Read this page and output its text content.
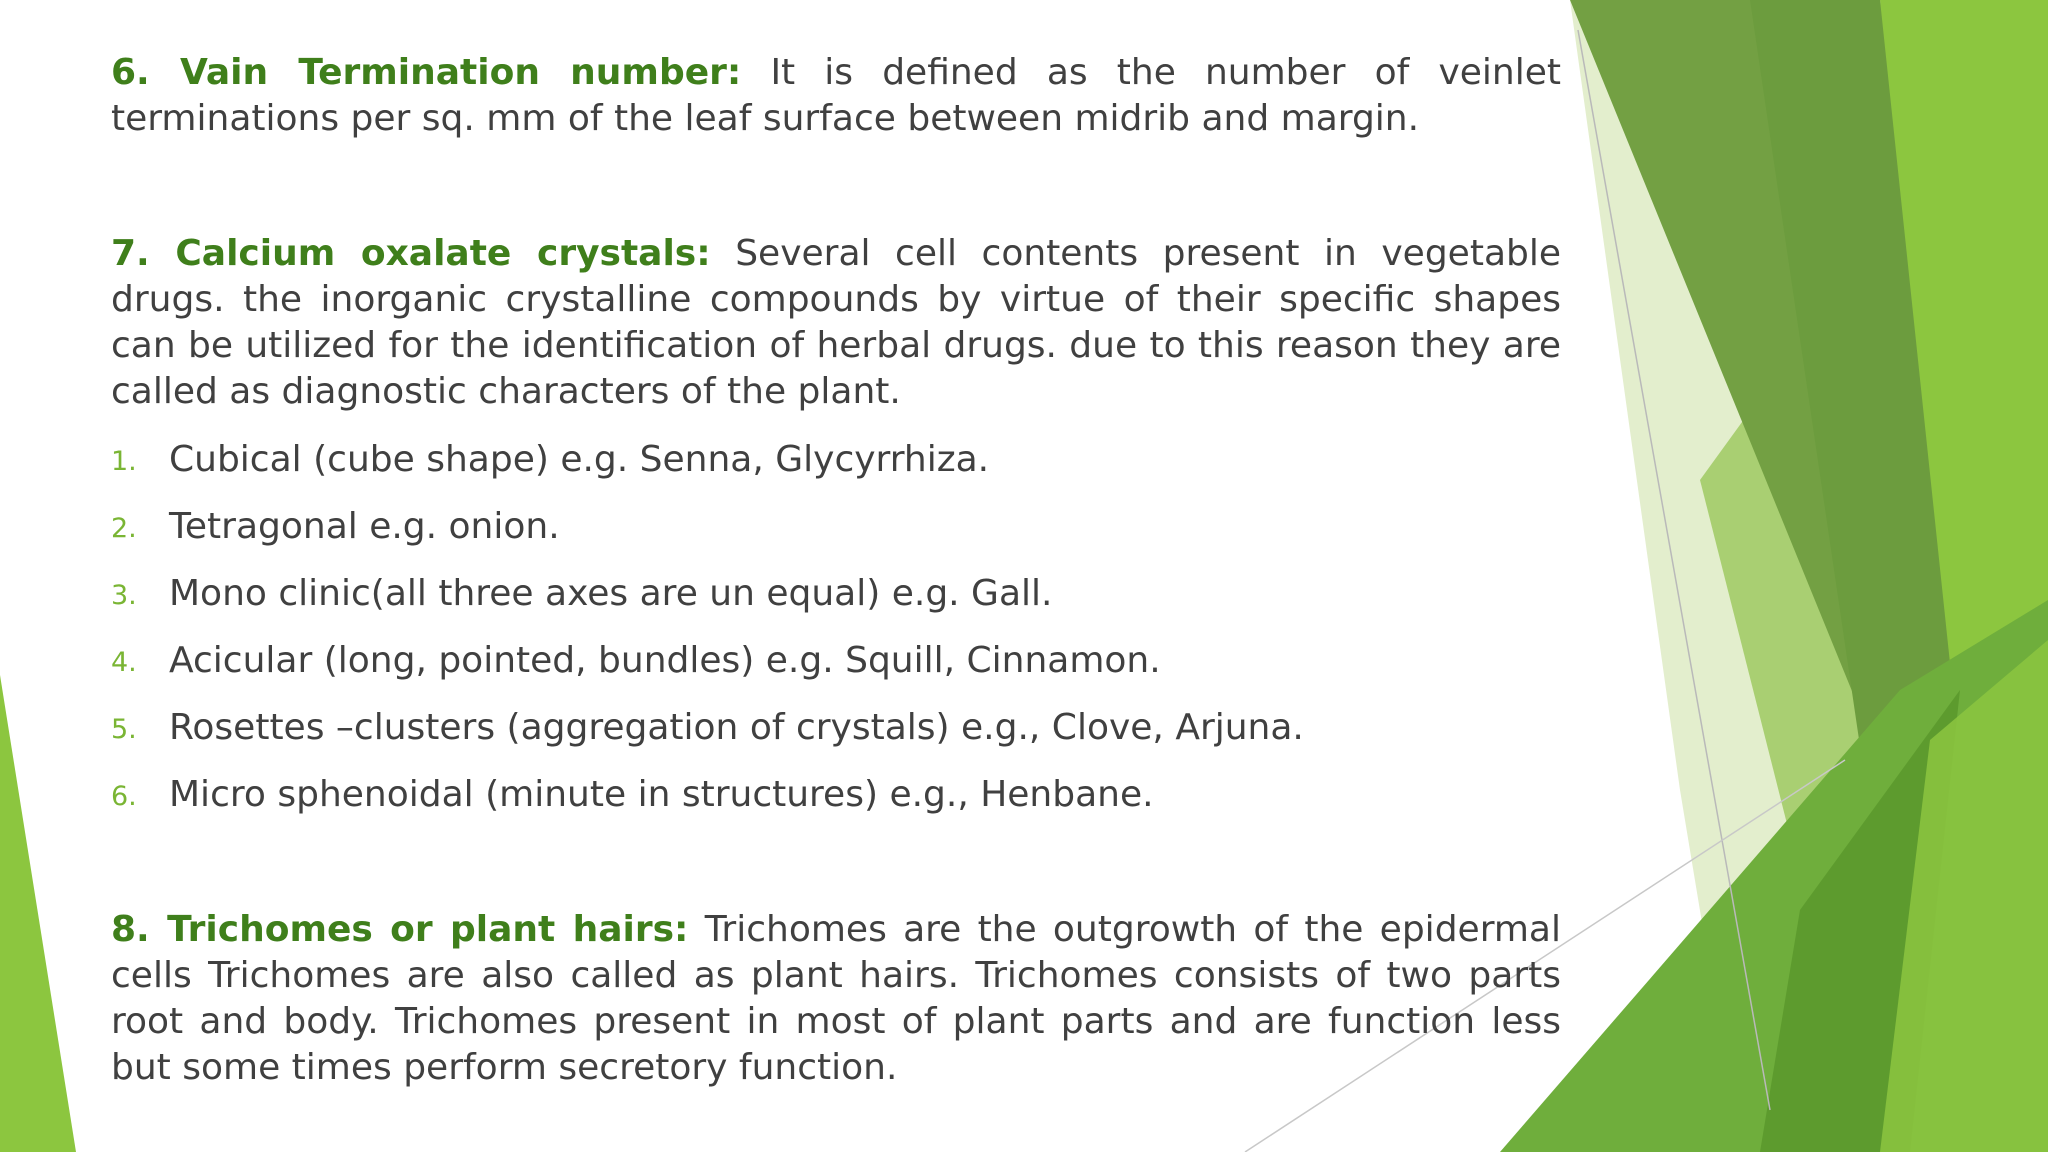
6. Vain Termination number: It is defined as the number of veinlet terminations per sq. mm of the leaf surface between midrib and margin.

7. Calcium oxalate crystals: Several cell contents present in vegetable drugs. the inorganic crystalline compounds by virtue of their specific shapes can be utilized for the identification of herbal drugs. due to this reason they are called as diagnostic characters of the plant.

1. Cubical (cube shape) e.g. Senna, Glycyrrhiza.
2. Tetragonal e.g. onion.
3. Mono clinic(all three axes are un equal) e.g. Gall.
4. Acicular (long, pointed, bundles) e.g. Squill, Cinnamon.
5. Rosettes –clusters (aggregation of crystals) e.g., Clove, Arjuna.
6. Micro sphenoidal (minute in structures) e.g., Henbane.

8. Trichomes or plant hairs: Trichomes are the outgrowth of the epidermal cells Trichomes are also called as plant hairs. Trichomes consists of two parts root and body. Trichomes present in most of plant parts and are function less but some times perform secretory function.
